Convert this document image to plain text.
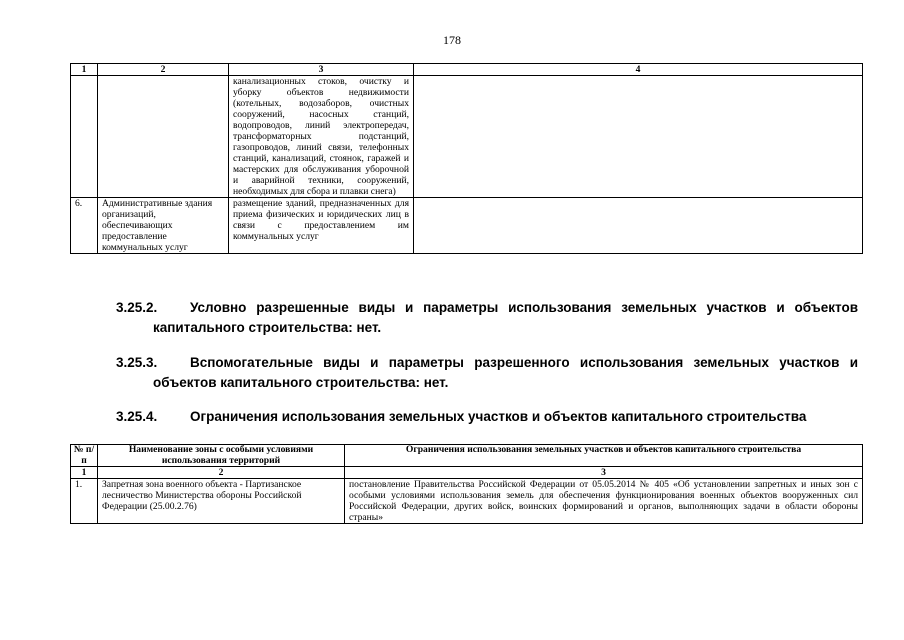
178
1	2	3	4
		канализационных стоков, очистку и уборку объектов недвижимости (котельных, водозаборов, очистных сооружений, насосных станций, водопроводов, линий электропередач, трансформаторных подстанций, газопроводов, линий связи, телефонных станций, канализаций, стоянок, гаражей и мастерских для обслуживания уборочной и аварийной техники, сооружений, необходимых для сбора и плавки снега)	
6.	Административные здания организаций, обеспечивающих предоставление коммунальных услуг	размещение зданий, предназначенных для приема физических и юридических лиц в связи с предоставлением им коммунальных услуг	
3.25.2. Условно разрешенные виды и параметры использования земельных участков и объектов
капитального строительства: нет.
3.25.3. Вспомогательные виды и параметры разрешенного использования земельных участков и
объектов капитального строительства: нет.
3.25.4. Ограничения использования земельных участков и объектов капитального строительства
№ п/п	Наименование зоны с особыми условиями использования территорий	Ограничения использования земельных участков и объектов капитального строительства
1	2	3
1.	Запретная зона военного объекта - Партизанское лесничество Министерства обороны Российской Федерации (25.00.2.76)	постановление Правительства Российской Федерации от 05.05.2014 № 405 «Об установлении запретных и иных зон с особыми условиями использования земель для обеспечения функционирования военных объектов вооруженных сил Российской Федерации, других войск, воинских формирований и органов, выполняющих задачи в области обороны страны»
